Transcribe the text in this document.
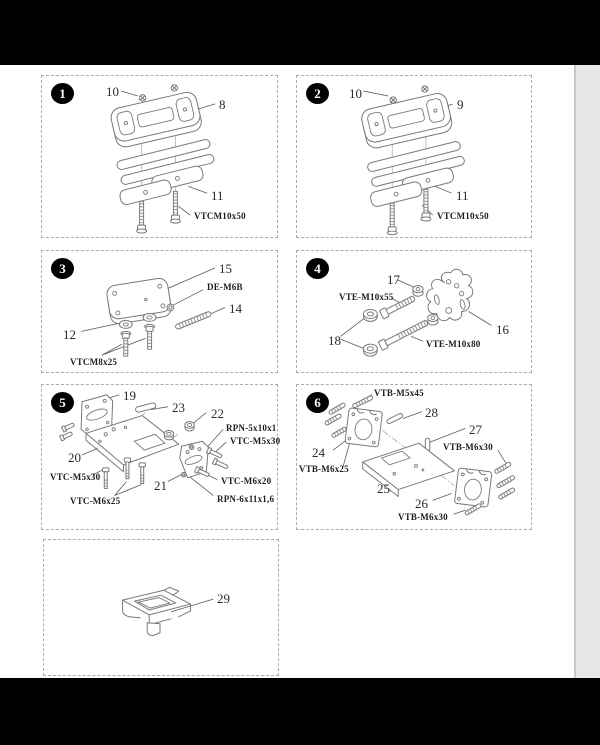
1	10
8
11
VTCM10x50
2	10
9
11
VTCM10x50
3	15
DE-M6B
14
12
VTCM8x25
4
17
VTE-M10x55
16
18	VTE-M10x80
5	19
23 22
RPN-5x10x1
VTC-M5x30
20
VTC-M5x30
21	VTC-M6x20
VTC-M6x25	RPN-6x11x1,6
6
VTB-M5x45
28
27
VTB-M6x30
24
VTB-M6x25
25
26
VTB-M6x30
29
